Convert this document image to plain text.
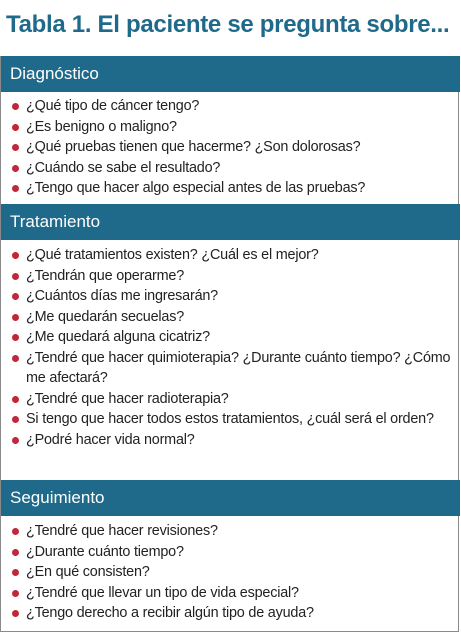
Tabla 1. El paciente se pregunta sobre...
Diagnóstico
¿Qué tipo de cáncer tengo?
¿Es benigno o maligno?
¿Qué pruebas tienen que hacerme? ¿Son dolorosas?
¿Cuándo se sabe el resultado?
¿Tengo que hacer algo especial antes de las pruebas?
Tratamiento
¿Qué tratamientos existen? ¿Cuál es el mejor?
¿Tendrán que operarme?
¿Cuántos días me ingresarán?
¿Me quedarán secuelas?
¿Me quedará alguna cicatriz?
¿Tendré que hacer quimioterapia? ¿Durante cuánto tiempo? ¿Cómo me afectará?
¿Tendré que hacer radioterapia?
Si tengo que hacer todos estos tratamientos, ¿cuál será el orden?
¿Podré hacer vida normal?
Seguimiento
¿Tendré que hacer revisiones?
¿Durante cuánto tiempo?
¿En qué consisten?
¿Tendré que llevar un tipo de vida especial?
¿Tengo derecho a recibir algún tipo de ayuda?
